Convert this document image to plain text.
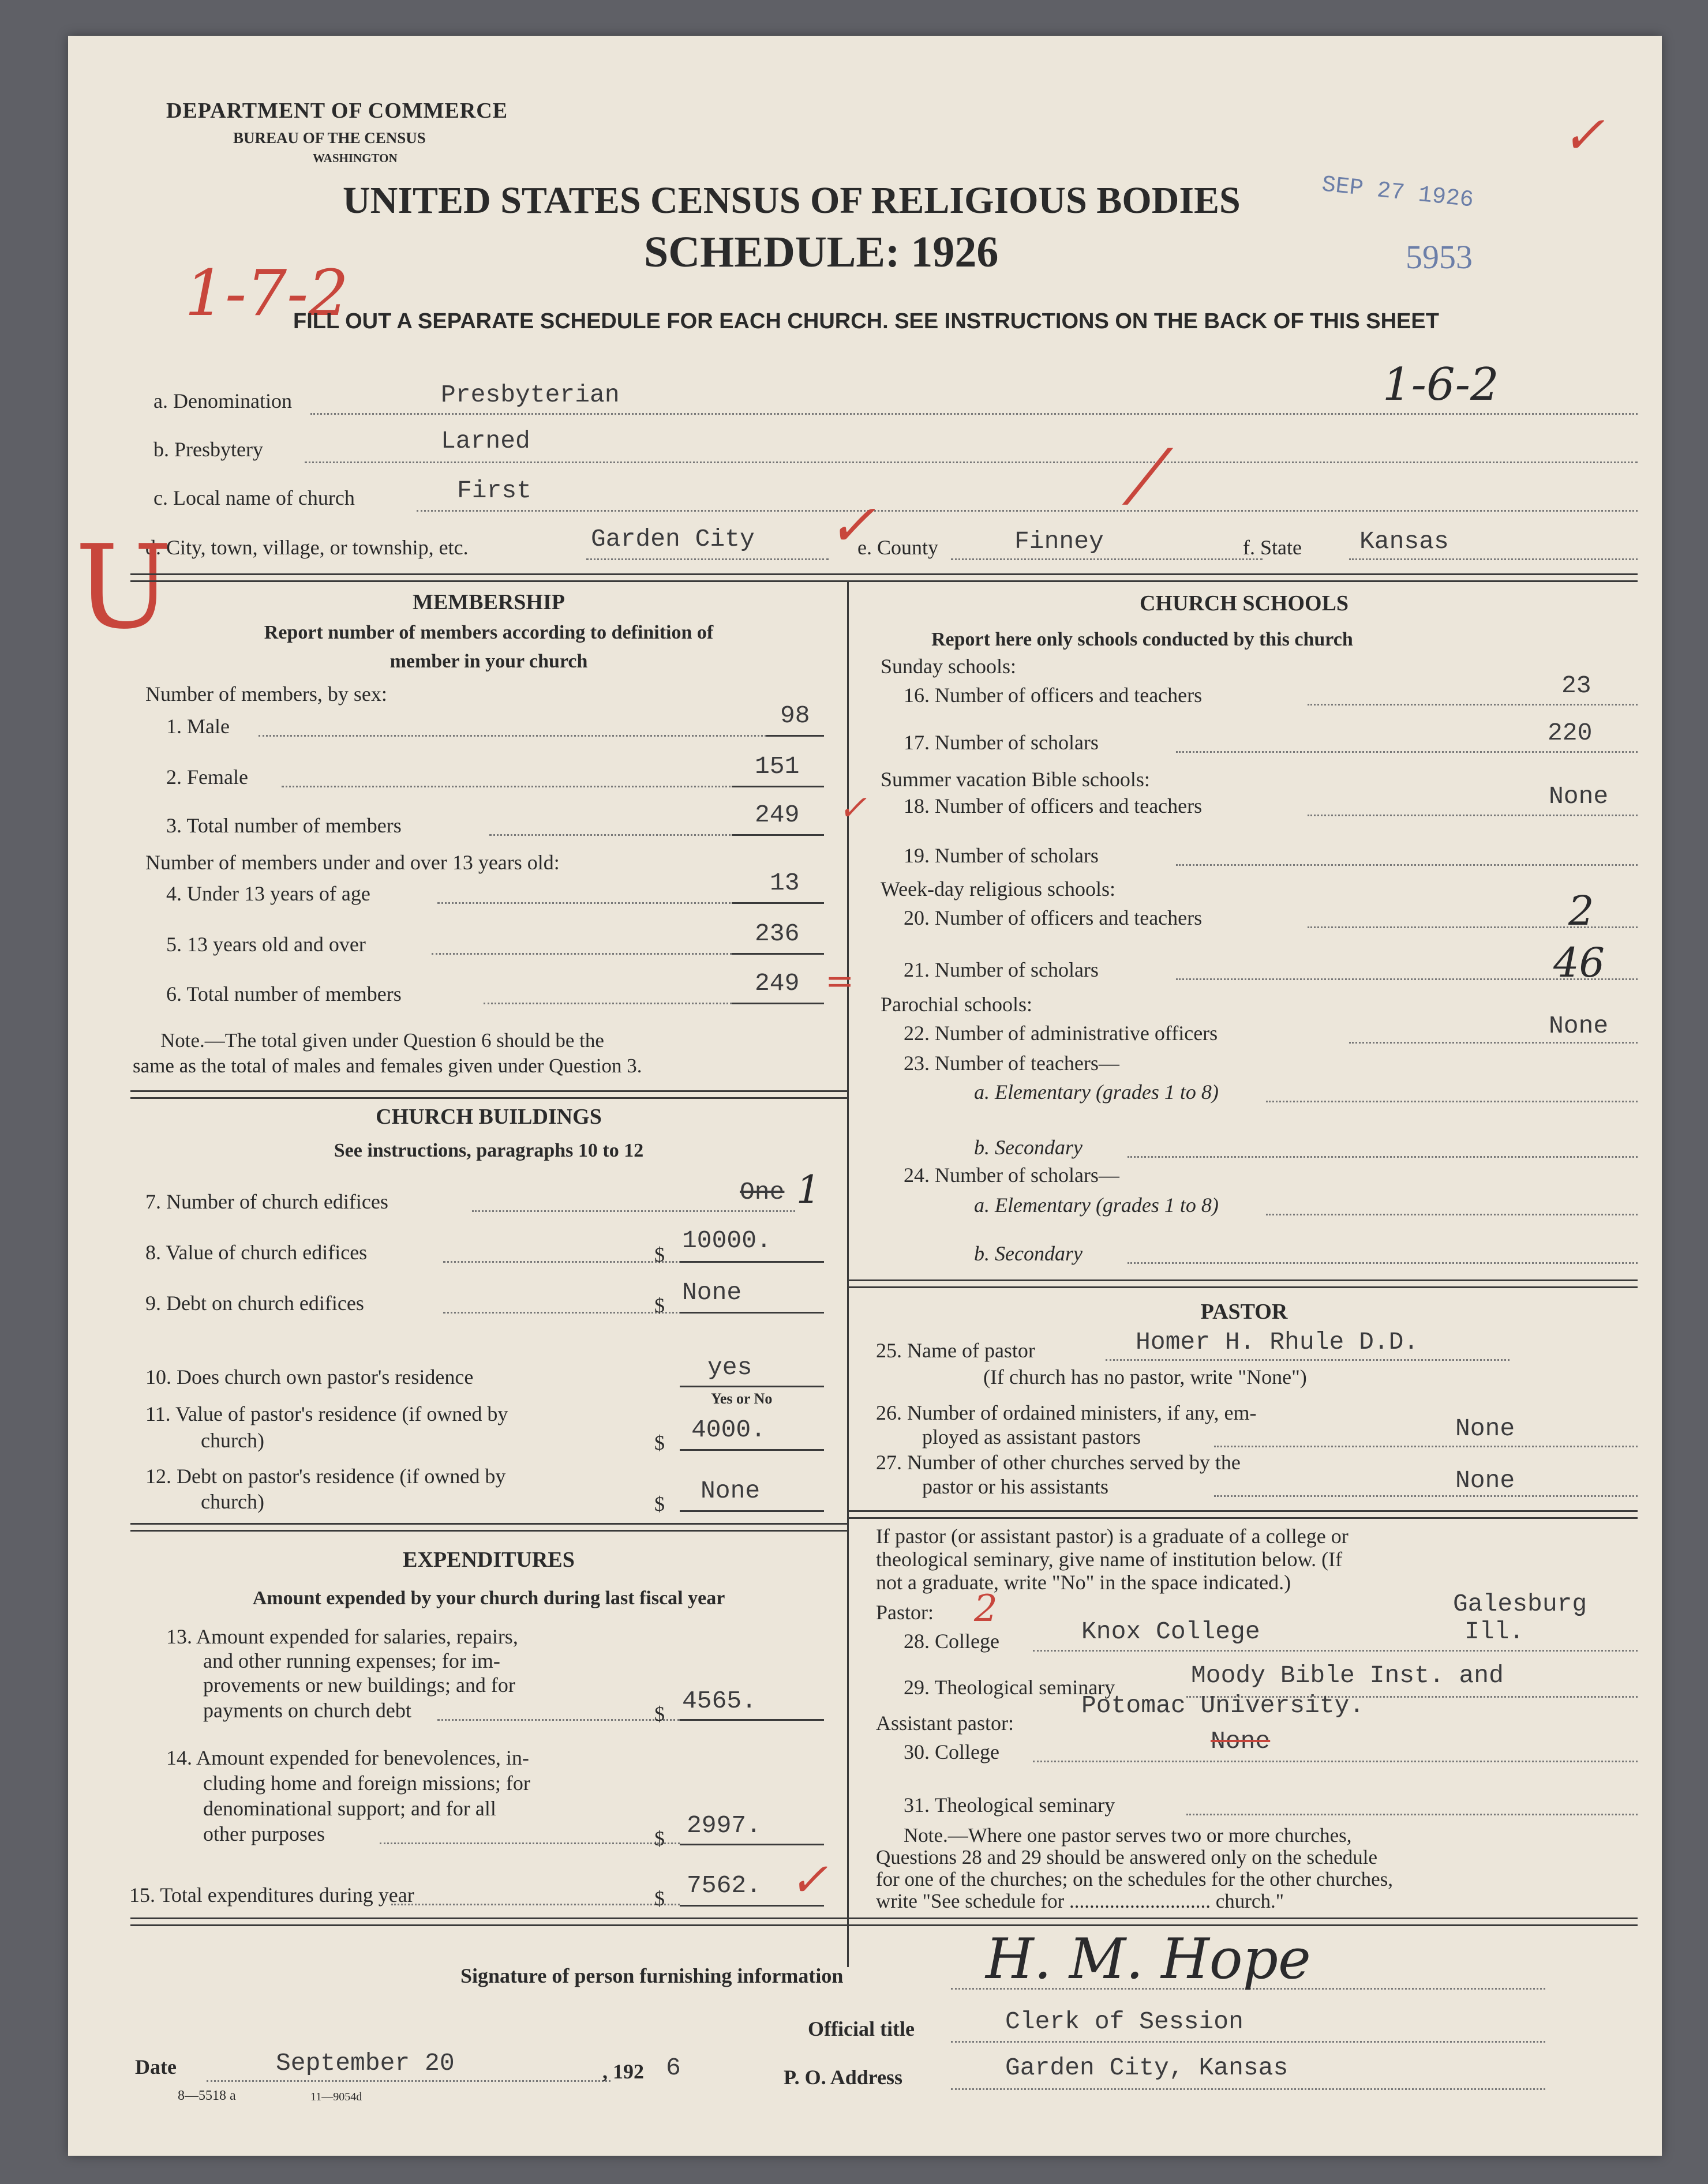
✓
DEPARTMENT OF COMMERCE
BUREAU OF THE CENSUS
WASHINGTON
UNITED STATES CENSUS OF RELIGIOUS BODIES
SCHEDULE: 1926
1-7-2
SEP 27 1926
5953
FILL OUT A SEPARATE SCHEDULE FOR EACH CHURCH. SEE INSTRUCTIONS ON THE BACK OF THIS SHEET
a. Denomination	Presbyterian	1-6-2
b. Presbytery	Larned
c. Local name of church	First	⁄
d. City, town, village, or township, etc.	Garden City ✓
U	e. County	Finney	f. State Kansas
MEMBERSHIP
Report number of members according to definition of
member in your church
Number of members, by sex:
1. Male	98
2. Female	151
3. Total number of members	249 ✓
Number of members under and over 13 years old:
4. Under 13 years of age	13
5. 13 years old and over	236
6. Total number of members	249 =
Note.—The total given under Question 6 should be the
same as the total of males and females given under Question 3.
CHURCH BUILDINGS
See instructions, paragraphs 10 to 12
7. Number of church edifices	One 1
8. Value of church edifices	$ 10000.
9. Debt on church edifices	$ None
10. Does church own pastor's residence	yes
Yes or No
11. Value of pastor's residence (if owned by
church)	$ 4000.
12. Debt on pastor's residence (if owned by
church)	$ None
EXPENDITURES
Amount expended by your church during last fiscal year
13. Amount expended for salaries, repairs,
and other running expenses; for im-
provements or new buildings; and for
payments on church debt	$ 4565.
14. Amount expended for benevolences, in-
cluding home and foreign missions; for
denominational support; and for all
other purposes	$ 2997.
15. Total expenditures during year	$ 7562. ✓
CHURCH SCHOOLS
Report here only schools conducted by this church
Sunday schools:
16. Number of officers and teachers	23
17. Number of scholars	220
Summer vacation Bible schools:
18. Number of officers and teachers	None
19. Number of scholars
Week-day religious schools:
20. Number of officers and teachers	2
21. Number of scholars	46
Parochial schools:
22. Number of administrative officers	None
23. Number of teachers—
a. Elementary (grades 1 to 8)
b. Secondary
24. Number of scholars—
a. Elementary (grades 1 to 8)
b. Secondary
PASTOR
25. Name of pastor	Homer H. Rhule D.D.
(If church has no pastor, write "None")
26. Number of ordained ministers, if any, em-
ployed as assistant pastors	None
27. Number of other churches served by the
pastor or his assistants	None
If pastor (or assistant pastor) is a graduate of a college or
theological seminary, give name of institution below. (If
not a graduate, write "No" in the space indicated.)
Pastor: 2
28. College	Knox College
Galesburg
Ill.
29. Theological seminary	Moody Bible Inst. and
Assistant pastor:
Potomac University.
30. College	None
31. Theological seminary
Note.—Where one pastor serves two or more churches,
Questions 28 and 29 should be answered only on the schedule
for one of the churches; on the schedules for the other churches,
write "See schedule for ............................ church."
Signature of person furnishing information	H. M. Hope
Official title	Clerk of Session
Date	September 20	, 192 6	P. O. Address	Garden City, Kansas
8—5518 a	11—9054d
